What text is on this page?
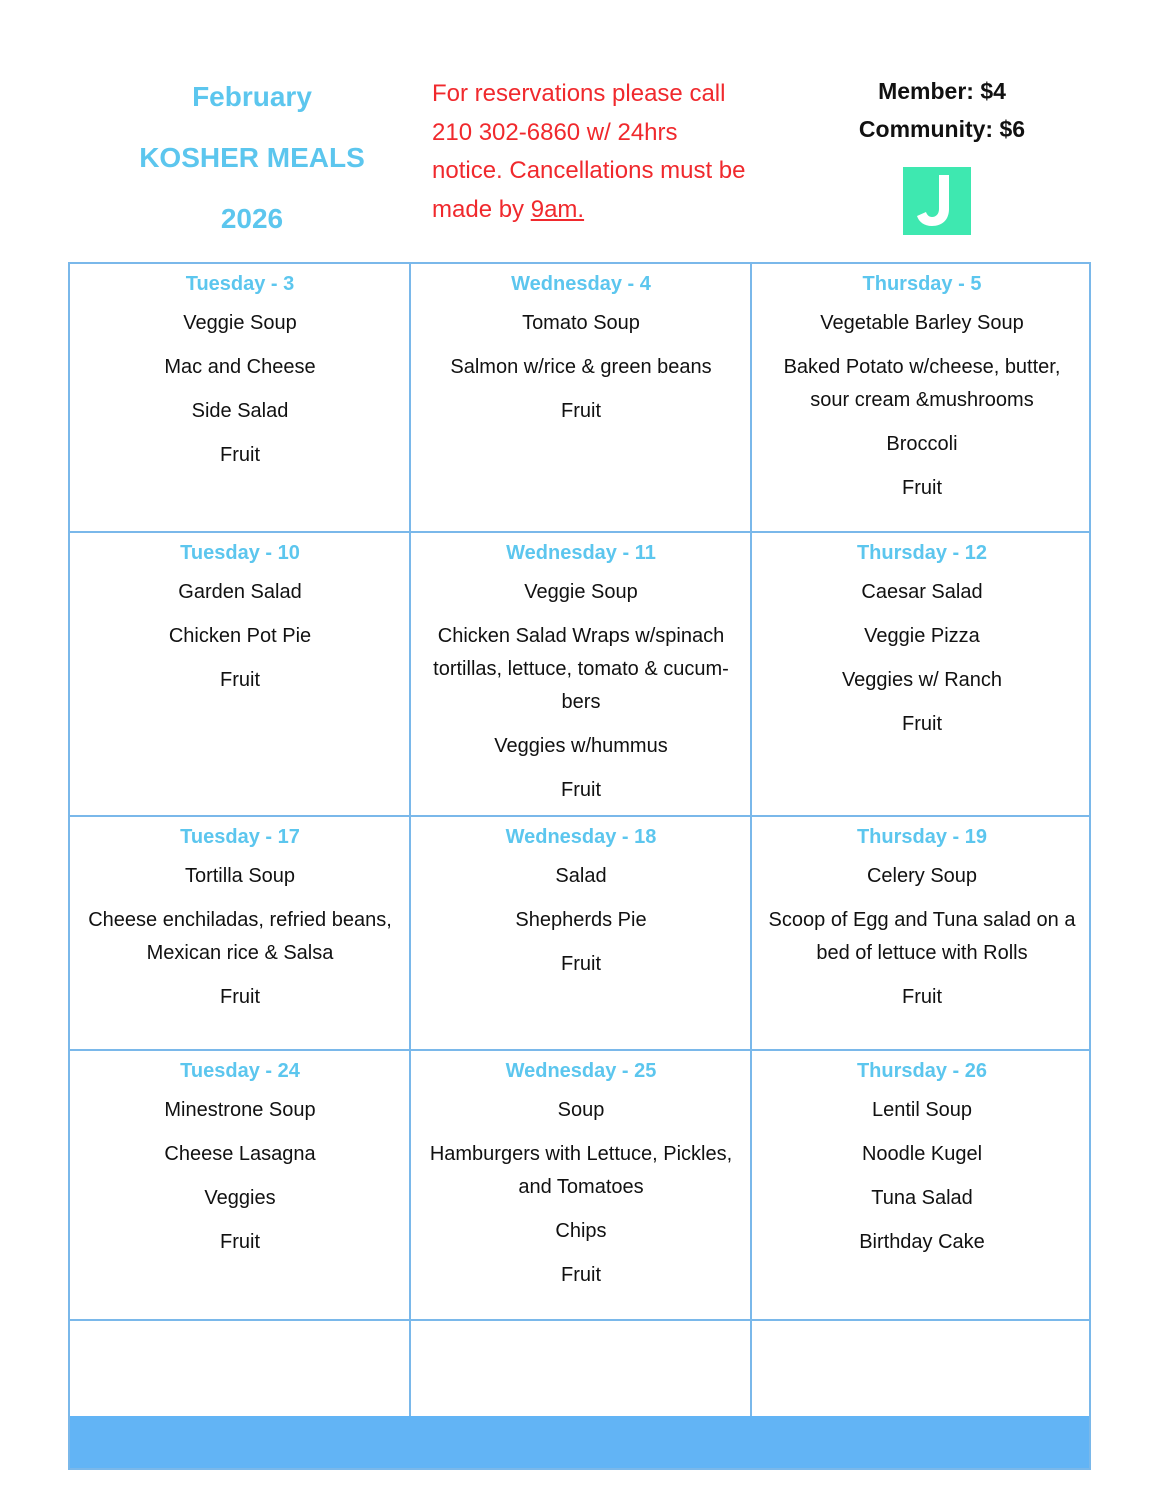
February
KOSHER MEALS
2026
For reservations please call
210 302-6860 w/ 24hrs
notice. Cancellations must be
made by 9am.
Member: $4
Community: $6
Tuesday - 3
Veggie Soup
Mac and Cheese
Side Salad
Fruit
Wednesday - 4
Tomato Soup
Salmon w/rice & green beans
Fruit
Thursday - 5
Vegetable Barley Soup
Baked Potato w/cheese, butter, sour cream &mushrooms
Broccoli
Fruit
Tuesday - 10
Garden Salad
Chicken Pot Pie
Fruit
Wednesday - 11
Veggie Soup
Chicken Salad Wraps w/spinach tortillas, lettuce, tomato & cucum-bers
Veggies w/hummus
Fruit
Thursday - 12
Caesar Salad
Veggie Pizza
Veggies w/ Ranch
Fruit
Tuesday - 17
Tortilla Soup
Cheese enchiladas, refried beans, Mexican rice & Salsa
Fruit
Wednesday - 18
Salad
Shepherds Pie
Fruit
Thursday - 19
Celery Soup
Scoop of Egg and Tuna salad on a bed of lettuce with Rolls
Fruit
Tuesday - 24
Minestrone Soup
Cheese Lasagna
Veggies
Fruit
Wednesday - 25
Soup
Hamburgers with Lettuce, Pickles, and Tomatoes
Chips
Fruit
Thursday - 26
Lentil Soup
Noodle Kugel
Tuna Salad
Birthday Cake
